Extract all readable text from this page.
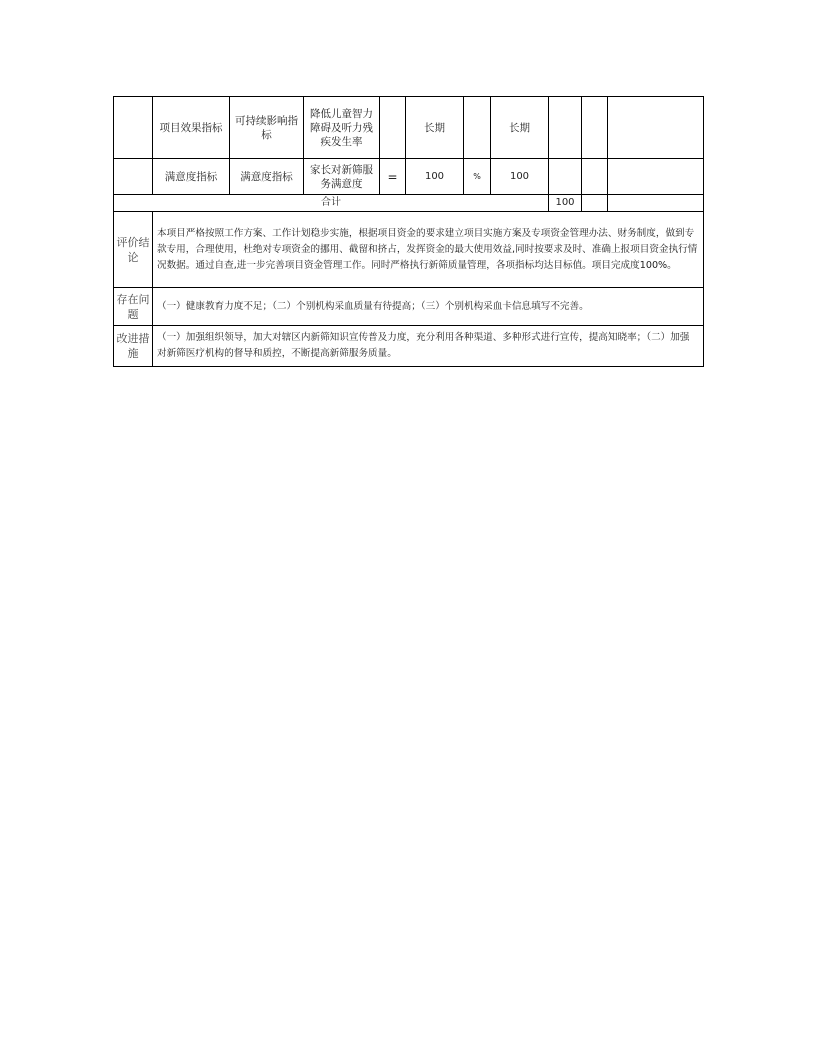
	项目效果指标	可持续影响指标	降低儿童智力障碍及听力残疾发生率		长期		长期			
	满意度指标	满意度指标	家长对新筛服务满意度	=	100	%	100			
合计								100		
评价结论	本项目严格按照工作方案、工作计划稳步实施，根据项目资金的要求建立项目实施方案及专项资金管理办法、财务制度，做到专款专用，合理使用，杜绝对专项资金的挪用、截留和挤占，发挥资金的最大使用效益,同时按要求及时、准确上报项目资金执行情况数据。通过自查,进一步完善项目资金管理工作。同时严格执行新筛质量管理，各项指标均达目标值。项目完成度100%。									
存在问题	（一）健康教育力度不足；（二）个别机构采血质量有待提高；（三）个别机构采血卡信息填写不完善。									
改进措施	（一）加强组织领导，加大对辖区内新筛知识宣传普及力度，充分利用各种渠道、多种形式进行宣传，提高知晓率；（二）加强对新筛医疗机构的督导和质控，不断提高新筛服务质量。									
